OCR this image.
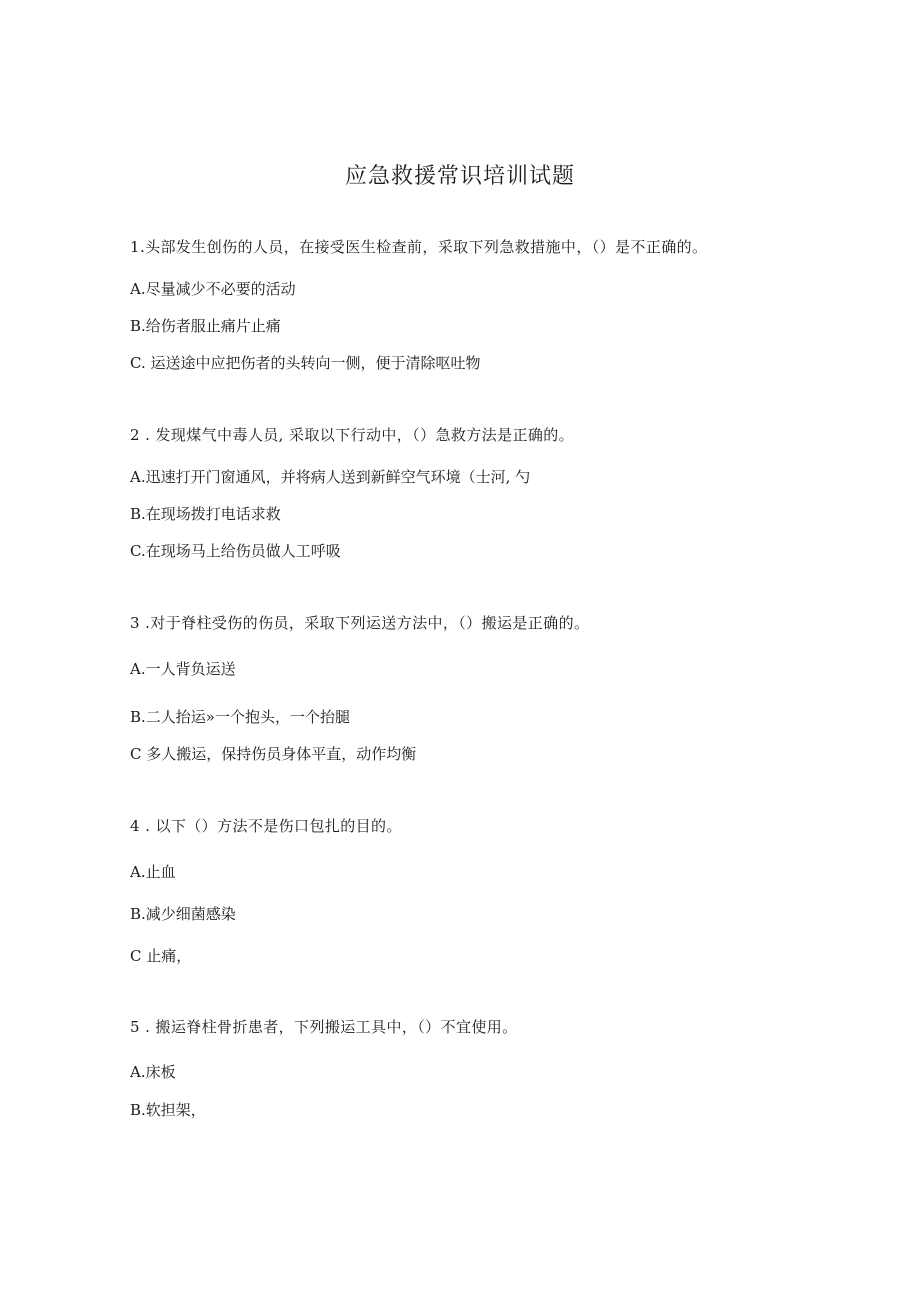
应急救援常识培训试题
1.头部发生创伤的人员，在接受医生检查前，采取下列急救措施中，（）是不正确的。
A.尽量减少不必要的活动
B.给伤者服止痛片止痛
C. 运送途中应把伤者的头转向一侧，便于清除呕吐物
2 . 发现煤气中毒人员, 采取以下行动中，（）急救方法是正确的。
A.迅速打开门窗通风，并将病人送到新鲜空气环境（士河, 勺
B.在现场拨打电话求救
C.在现场马上给伤员做人工呼吸
3 .对于脊柱受伤的伤员，采取下列运送方法中，（）搬运是正确的。
A.一人背负运送
B.二人抬运»一个抱头，一个抬腿
C 多人搬运，保持伤员身体平直，动作均衡
4 . 以下（）方法不是伤口包扎的目的。
A.止血
B.减少细菌感染
C 止痛，
5 . 搬运脊柱骨折患者，下列搬运工具中，（）不宜使用。
A.床板
B.软担架，
